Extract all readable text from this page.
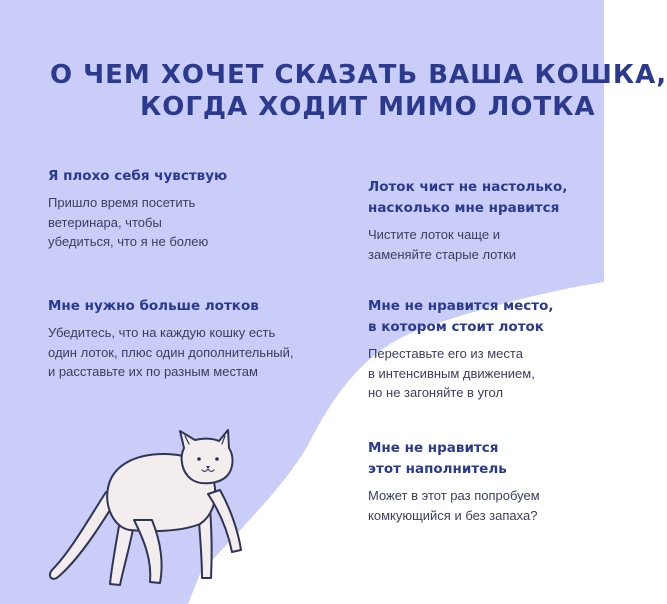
О ЧЕМ ХОЧЕТ СКАЗАТЬ ВАША КОШКА,
КОГДА ХОДИТ МИМО ЛОТКА
Я плохо себя чувствую
Пришло время посетить
ветеринара, чтобы
убедиться, что я не болею
Мне нужно больше лотков
Убедитесь, что на каждую кошку есть
один лоток, плюс один дополнительный,
и расставьте их по разным местам
Лоток чист не настолько,
насколько мне нравится
Чистите лоток чаще и
заменяйте старые лотки
Мне не нравится место,
в котором стоит лоток
Переставьте его из места
в интенсивным движением,
но не загоняйте в угол
Мне не нравится
этот наполнитель
Может в этот раз попробуем
комкующийся и без запаха?
